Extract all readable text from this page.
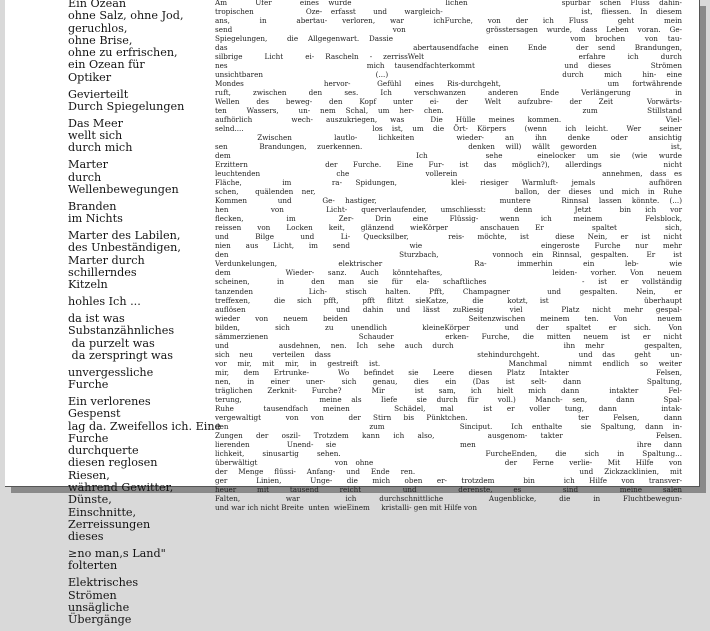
Ein Ozean
ohne Salz, ohne Jod,
geruchlos,
ohne Brise,
ohne zu erfrischen,
ein Ozean für
Optiker
Gevierteilt
Durch Spiegelungen
Das Meer
wellt sich
durch mich
Marter
durch
Wellenbewegungen
Branden
im Nichts
Marter des Labilen,
des Unbeständigen,
Marter durch
schillerndes
Kitzeln
hohles Ich ...
da ist was
Substanzähnliches
da purzelt was
da zerspringt was
unvergessliche
Furche
Ein verlorenes
Gespenst
lag da. Zweifellos ich. Eine
Furche
durchquerte
diesen reglosen
Riesen,
während Gewitter,
Dünste,
Einschnitte,
Zerreissungen
dieses
≥no man,s Land"
folterten
Elektrisches
Strömen
unsägliche
Übergänge
Am   Ufer   eines wurde          lichen          spurbar schen Fluss dahin-
tropischen      Oze- erfasst  und  wargleich-                ist, fliessen. In diesem
ans,  in  abertau- verloren, war  ichFurche, von der ich Fluss  geht  mein
send                  von         grösstersagen wurde, dass Leben voran. Ge-
Spiegelungen,  die Allgegenwart. Dassie                  vom brochen  von tau-
das                   abertausendfache einen  Ende   der send  Brandungen,
silbrige  Licht  ei- Rascheln - zerrissWelt              erfahre  ich  durch
nes              mich tausendfachterkommt         und dieses    Strömen
unsichtbaren           (...)                 durch  mich  hin- eine
Mondes      hervor-  Gefühl eines Ris-durchgeht,        um fortwährende
ruft, zwischen den ses. Ich verschwanzen anderen Ende Verlängerung  in
Wellen des beweg- den Kopf unter ei- der Welt aufzubre- der Zeit  Vorwärts-
ten  Wassers,  un- nem Schal, um her- chen.              zum     Stillstand
aufhörlich   wech- auszukriegen, was  Die Hülle meines kommen.        Viel-
selnd....              los ist, um die Ört- Körpers  (wenn  ich leicht.  Wer  seiner
Zwischen  lautlo- lichkeiten  wieder- an ihn denke oder ansichtig
sen   Brandungen, zuerkennen.          denken will) wällt geworden       ist,
dem                Ich     sehe   einelocker um sie (wie wurde
Erzittern     der Furche. Eine Fur- ist das möglich?), allerdings    nicht
leuchtenden          che          vollerein                   annehmen, dass es
Fläche,   im   ra- Spidungen,    klei- riesiger Warmluft- jemals    aufhören
schen,  quälenden ner,                        ballon, der dieses und mich in Ruhe
Kommen   und   Ge- hastiger,            muntere   Rinnsal lassen könnte. (...)
hen   von   Licht- querverlaufender, umschliesst:  denn   Jetzt  bin ich vor
flecken,  im  Zer- Drin eine Flüssig- wenn ich meinem  Felsblock,
reissen von Locken keit, glänzend wieKörper  anschauen Er   spaltet   sich,
und  Bilge  und  Li- Quecksilber,   reis- möchte, ist  diese Nein, er ist nicht
nien aus Licht, im send    wie        eingeroste Furche nur mehr
den                   Sturzbach,      vonnoch ein Rinnsal, gespalten.  Er  ist
Verdunkelungen,  elektrischer   Ra- immerhin ein leb- wie
dem    Wieder- sanz. Auch könntehaftes,        leiden- vorher. Von neuem
scheinen,  in  den man sie für ela- schaftliches       - ist er vollständig
tanzenden   Lich- stisch halten. Pfft, Champagner  und gespalten. Nein, er
treffexen,  die sich pfft,  pfft flitzt sieKatze,  die  kotzt, ist        überhaupt
auflösen       und dahin und lässt zuRiesig  viel   Platz nicht mehr gespal-
wieder von neuem beiden        Seitenzwischen meinem ten. Von  neuem
bilden,  sich  zu unendlich  kleineKörper  und der spaltet er sich. Von
sämmerzienen       Schauder    erken- Furche, die mitten neuem ist er nicht
und     ausdehnen, nen. Ich sehe auch durch           ihn mehr    gespalten,
sich neu  verteilen dass               stehindurchgeht.    und das  geht  un-
vor mir, mit mir, in gestreift ist.            Manchmal  nimmt endlich so weiter
mir, dem Ertrunke-  Wo befindet sie Leere diesen Platz Intakter      Felsen,
nen, in einer uner- sich genau, dies ein (Das ist selt- dann    Spaltung,
träglichen Zerknit- Furche?  Mir  ist sam, ich hielt mich dann  intakter  Fel-
terung,        meine als  Iiefe  sie durch für  voll.)  Manch- sen,   dann   Spal-
Ruhe  tausendfach meinen   Schädel, mal  ist er voller tung, dann   intak-
vergewaltigt  von von  der Stirn bis Pünktchen.         ter  Felsen,  dann
den               zum        Sinciput.  Ich enthalte  sie Spaltung, dann in-
Zungen der oszil- Trotzdem kann ich also,    ausgenom- takter       Felsen.
lierenden   Unend- sie          men             ihre dann
lichkeit, sinusartig sehen.        FurcheEnden, die sich in Spaltung...
überwältigt          von ohne                 der  Ferne  verlie-  Mit  Hilfe  von
der Menge flüssi- Anfang- und Ende ren.               und Zickzacklinien, mit
ger  Linien,  Unge- die mich oben er- trotzdem  bin  ich Hilfe von transver-
heuer mit tausend reicht  und  derenste, es  sind  meine salen
Falten,  war  ich durchschnittliche  Augenblicke, die in Fluchtbewegun-
und war ich nicht Breite  unten  wieEinem     kristalli- gen mit Hilfe von
